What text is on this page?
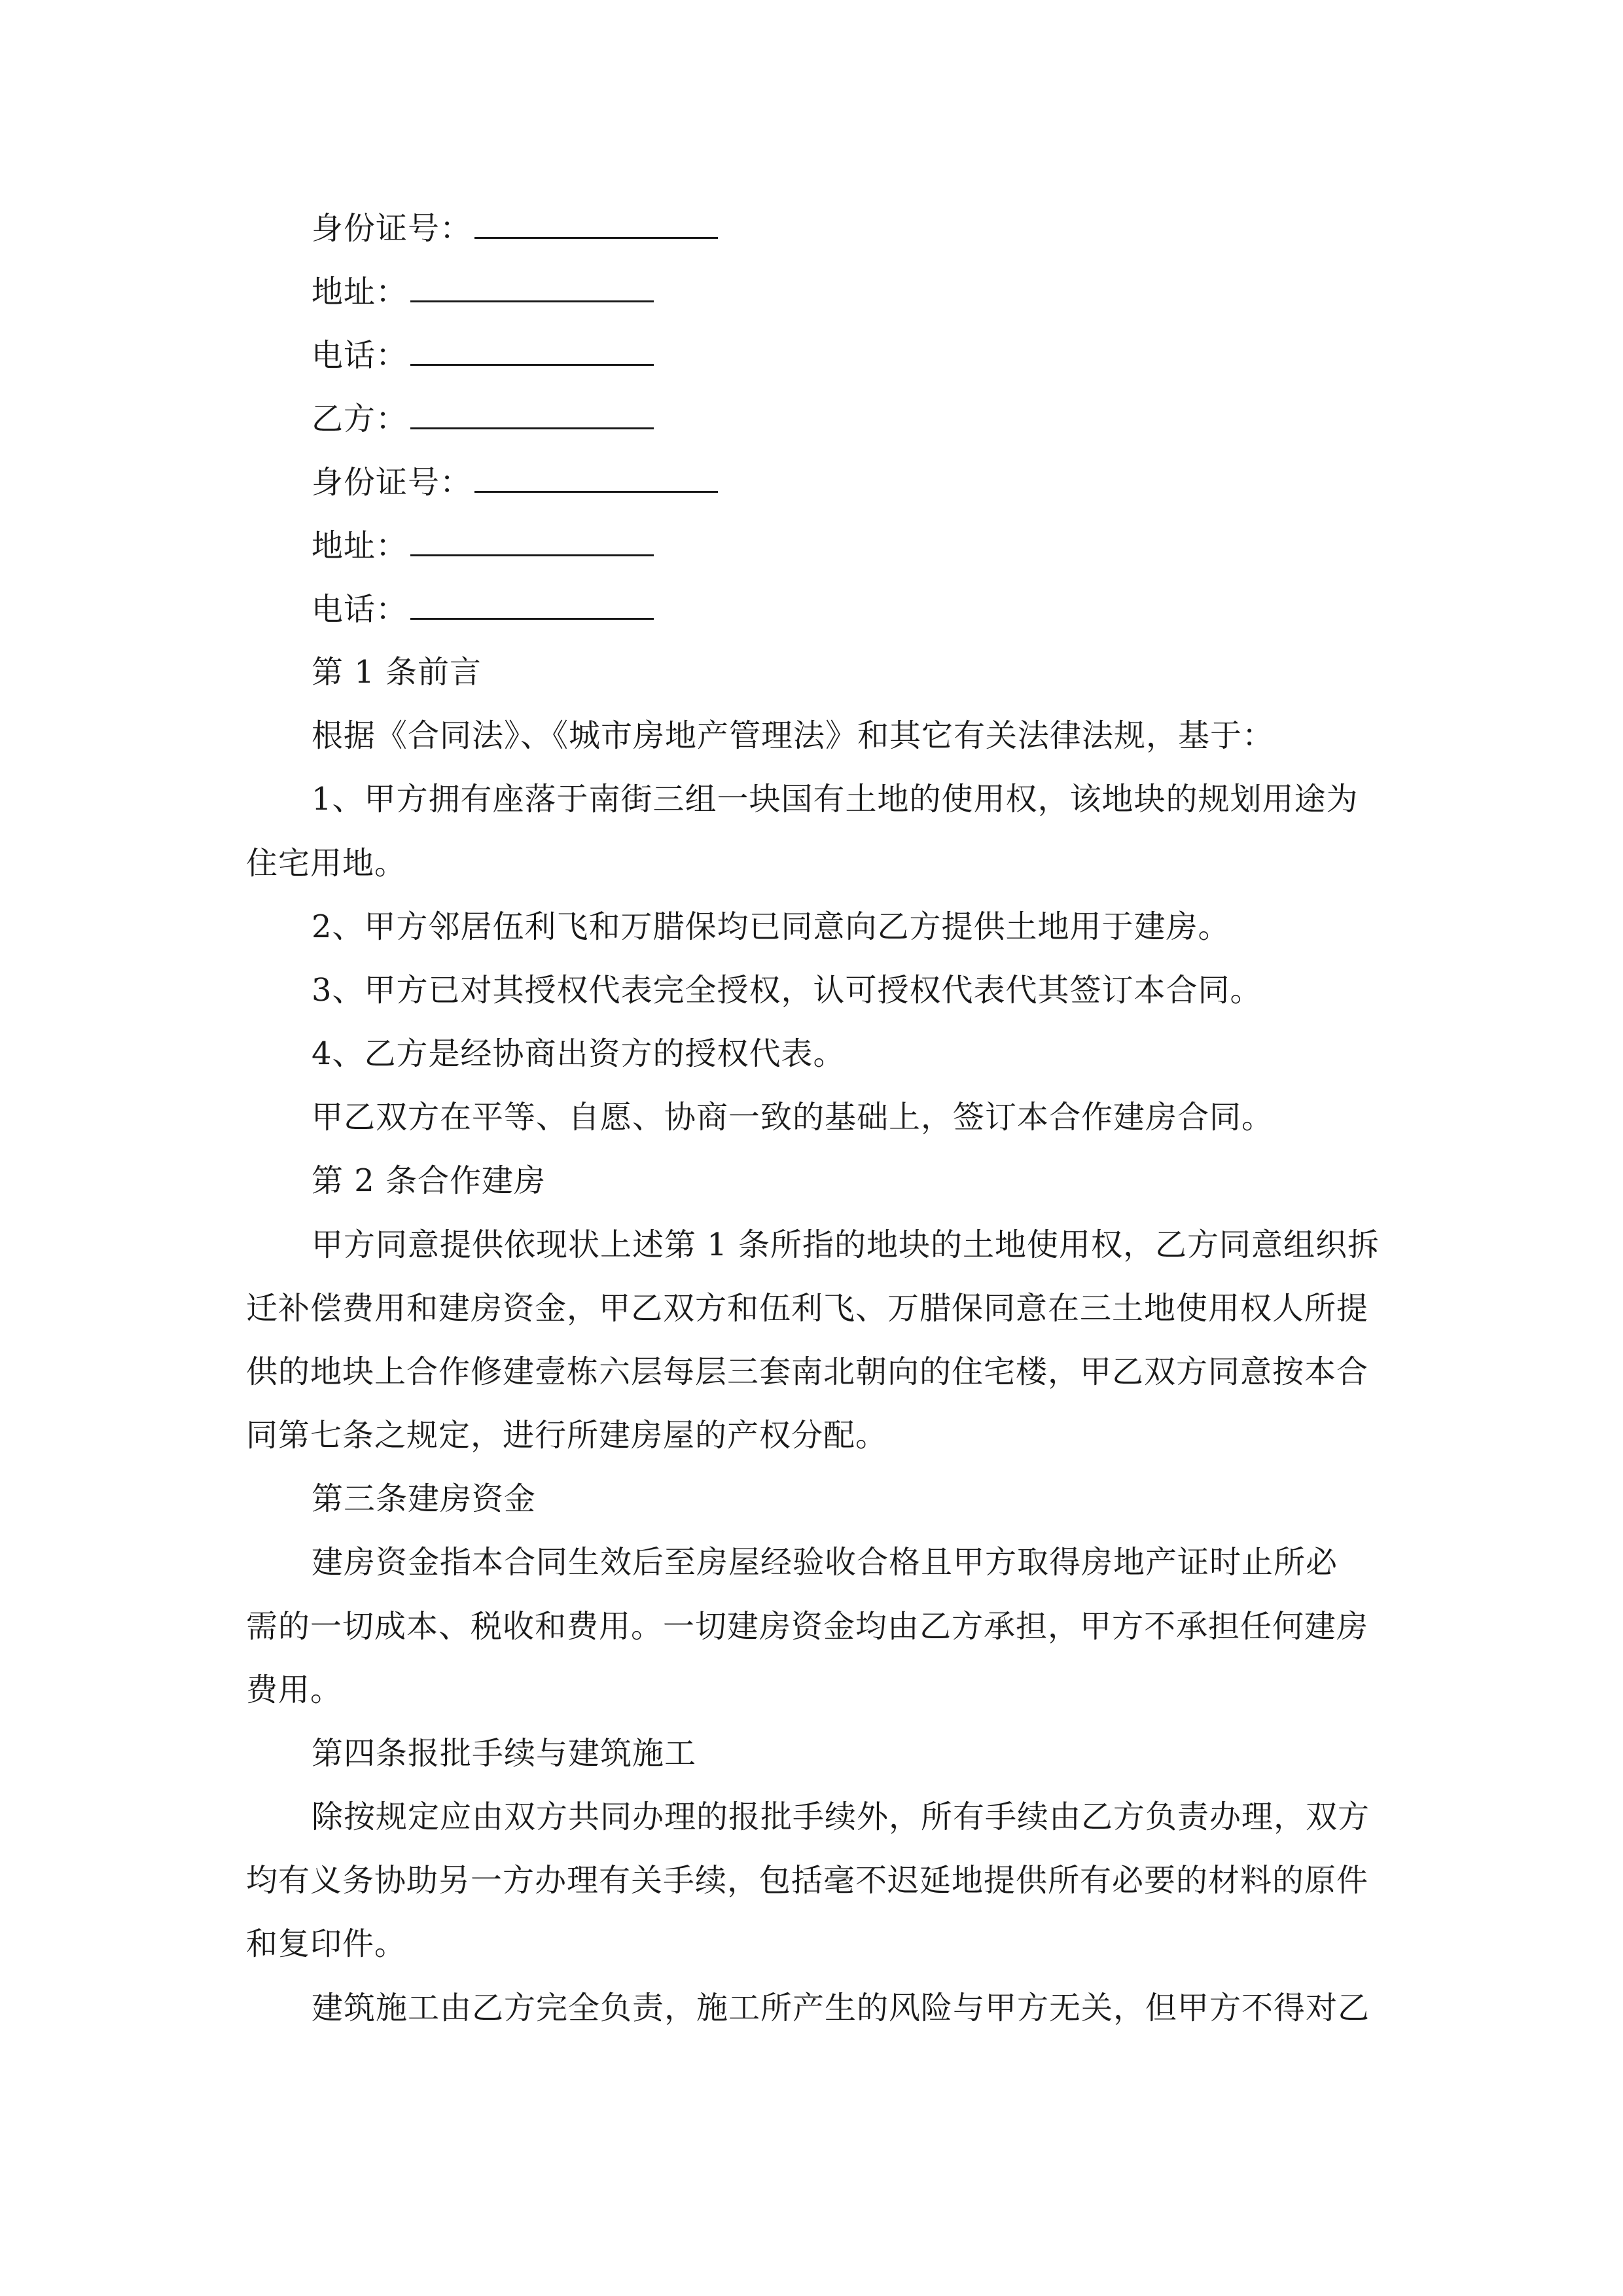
身份证号：
地址：
电话：
乙方：
身份证号：
地址：
电话：
第 1 条前言
根据《合同法》、《城市房地产管理法》和其它有关法律法规，基于：
1、甲方拥有座落于南街三组一块国有土地的使用权，该地块的规划用途为
住宅用地。
2、甲方邻居伍利飞和万腊保均已同意向乙方提供土地用于建房。
3、甲方已对其授权代表完全授权，认可授权代表代其签订本合同。
4、乙方是经协商出资方的授权代表。
甲乙双方在平等、自愿、协商一致的基础上，签订本合作建房合同。
第 2 条合作建房
甲方同意提供依现状上述第 1 条所指的地块的土地使用权，乙方同意组织拆
迁补偿费用和建房资金，甲乙双方和伍利飞、万腊保同意在三土地使用权人所提
供的地块上合作修建壹栋六层每层三套南北朝向的住宅楼，甲乙双方同意按本合
同第七条之规定，进行所建房屋的产权分配。
第三条建房资金
建房资金指本合同生效后至房屋经验收合格且甲方取得房地产证时止所必
需的一切成本、税收和费用。一切建房资金均由乙方承担，甲方不承担任何建房
费用。
第四条报批手续与建筑施工
除按规定应由双方共同办理的报批手续外，所有手续由乙方负责办理，双方
均有义务协助另一方办理有关手续，包括毫不迟延地提供所有必要的材料的原件
和复印件。
建筑施工由乙方完全负责，施工所产生的风险与甲方无关，但甲方不得对乙
